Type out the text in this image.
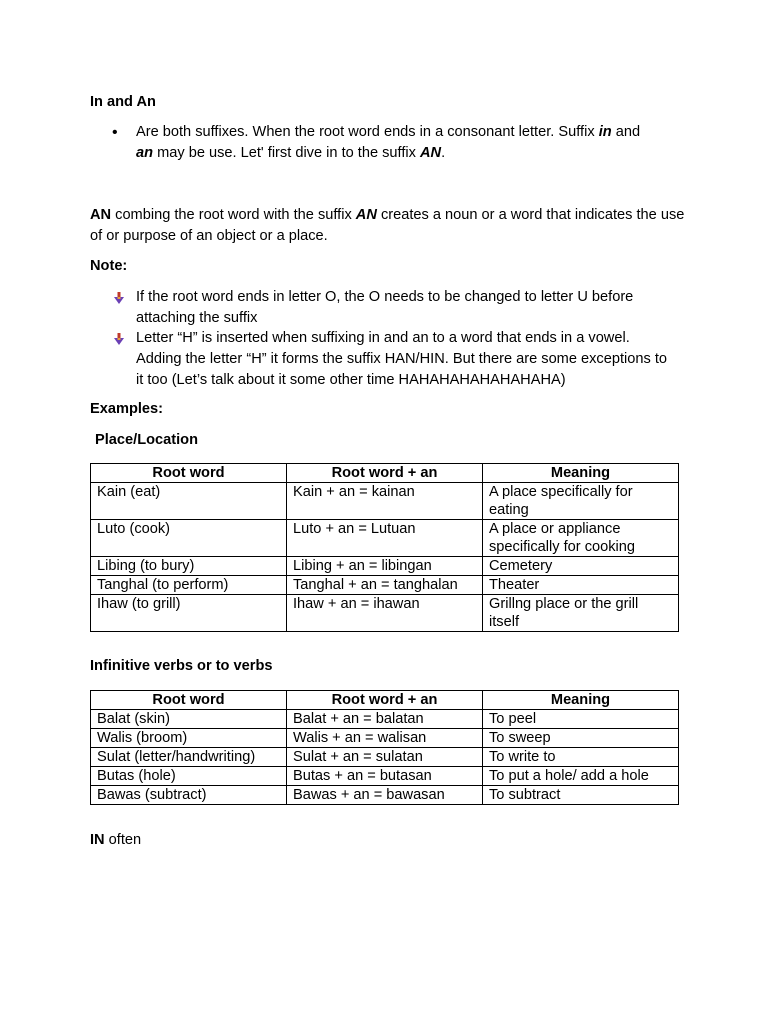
In and An

• Are both suffixes. When the root word ends in a consonant letter. Suffix in and
an may be use. Let' first dive in to the suffix AN.

AN combing the root word with the suffix AN creates a noun or a word that indicates the use of or purpose of an object or a place.

Note:

If the root word ends in letter O, the O needs to be changed to letter U before attaching the suffix

Letter “H” is inserted when suffixing in and an to a word that ends in a vowel. Adding the letter “H” it forms the suffix HAN/HIN. But there are some exceptions to it too (Let’s talk about it some other time HAHAHAHAHAHAHAHA)

Examples:

Place/Location

Root word	Root word + an	Meaning
Kain (eat)	Kain + an = kainan	A place specifically for eating
Luto (cook)	Luto + an = Lutuan	A place or appliance specifically for cooking
Libing (to bury)	Libing + an = libingan	Cemetery
Tanghal (to perform)	Tanghal + an = tanghalan	Theater
Ihaw (to grill)	Ihaw + an = ihawan	Grillng place or the grill itself

Infinitive verbs or to verbs

Root word	Root word + an	Meaning
Balat (skin)	Balat + an = balatan	To peel
Walis (broom)	Walis + an = walisan	To sweep
Sulat (letter/handwriting)	Sulat + an = sulatan	To write to
Butas (hole)	Butas + an = butasan	To put a hole/ add a hole
Bawas (subtract)	Bawas + an = bawasan	To subtract

IN often
